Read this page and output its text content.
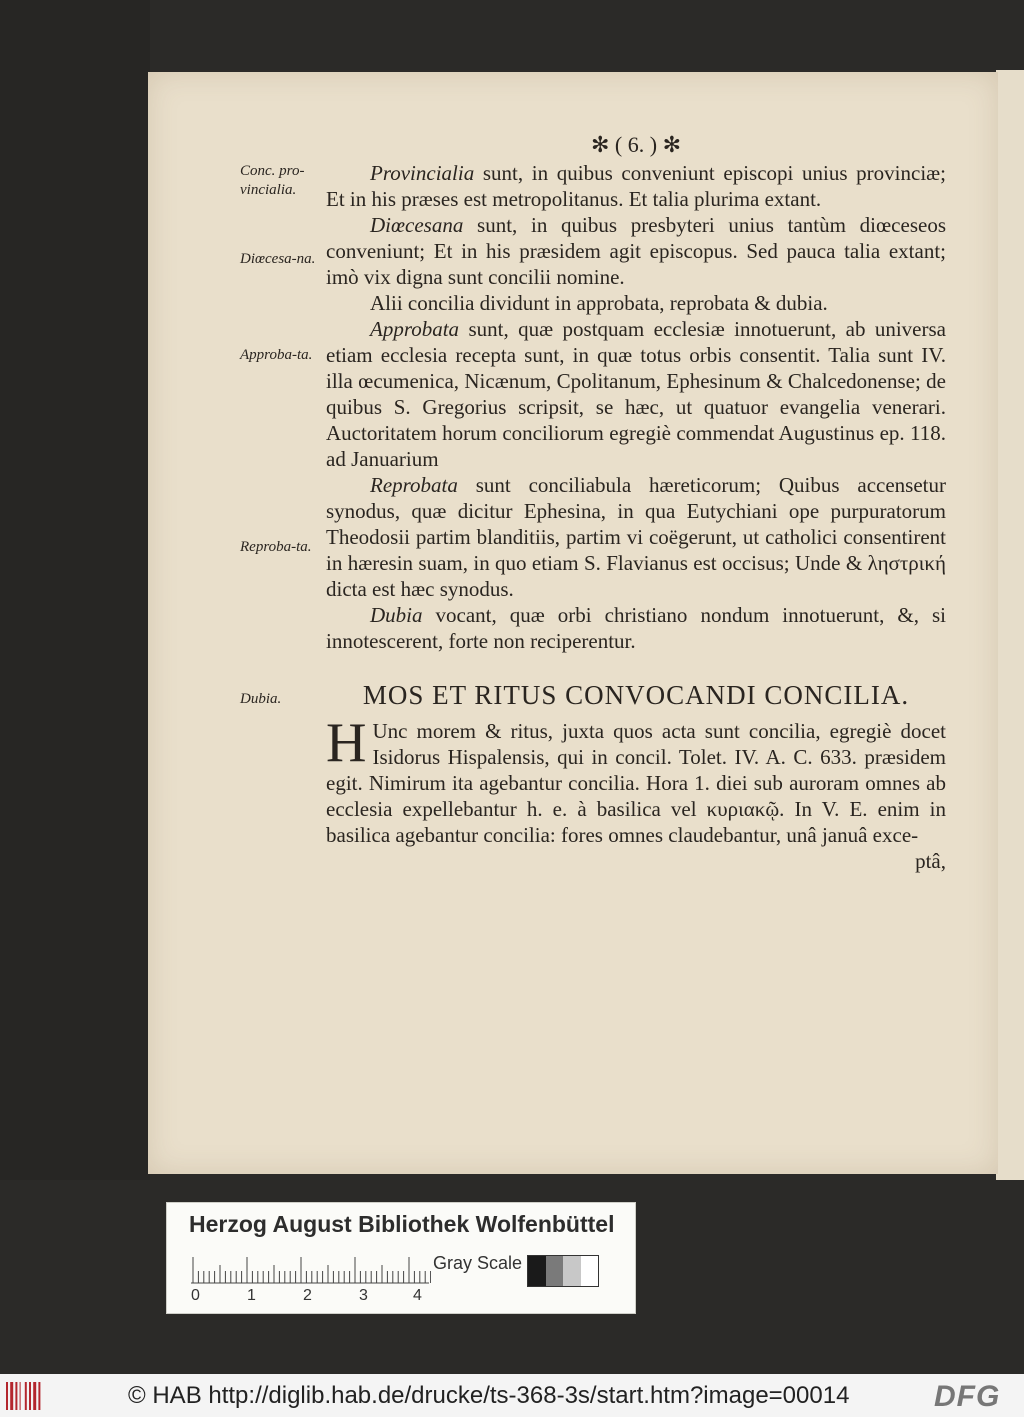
✻ ( 6. ) ✻

Provincialia sunt, in quibus conveniunt episcopi unius provinciæ; Et in his præses est metropolitanus. Et talia plurima extant.

Diœcesana sunt, in quibus presbyteri unius tantùm diœceseos conveniunt; Et in his præsidem agit episcopus. Sed pauca talia extant; imò vix digna sunt concilii nomine.

Alii concilia dividunt in approbata, reprobata & dubia.

Approbata sunt, quæ postquam ecclesiæ innotuerunt, ab universa etiam ecclesia recepta sunt, in quæ totus orbis consentit. Talia sunt IV. illa œcumenica, Nicænum, Cpolitanum, Ephesinum & Chalcedonense; de quibus S. Gregorius scripsit, se hæc, ut quatuor evangelia venerari. Auctoritatem horum conciliorum egregiè commendat Augustinus ep. 118. ad Januarium

Reprobata sunt conciliabula hæreticorum; Quibus accensetur synodus, quæ dicitur Ephesina, in qua Eutychiani ope purpuratorum Theodosii partim blanditiis, partim vi coëgerunt, ut catholici consentirent in hæresin suam, in quo etiam S. Flavianus est occisus; Unde & ληστρική dicta est hæc synodus.

Dubia vocant, quæ orbi christiano nondum innotuerunt, &, si innotescerent, forte non reciperentur.

MOS ET RITUS CONVOCANDI CONCILIA.

H Unc morem & ritus, juxta quos acta sunt concilia, egregiè docet Isidorus Hispalensis, qui in concil. Tolet. IV. A. C. 633. præsidem egit. Nimirum ita agebantur concilia. Hora 1. diei sub auroram omnes ab ecclesia expellebantur h. e. à basilica vel κυριακῷ. In V. E. enim in basilica agebantur concilia: fores omnes claudebantur, unâ januâ exce-

ptâ,

Conc. pro-vincialia.
Diœcesa-na.
Approba-ta.
Reproba-ta.
Dubia.
Herzog August Bibliothek Wolfenbüttel
0	1	2	3	4
Gray Scale
© HAB http://diglib.hab.de/drucke/ts-368-3s/start.htm?image=00014	DFG
